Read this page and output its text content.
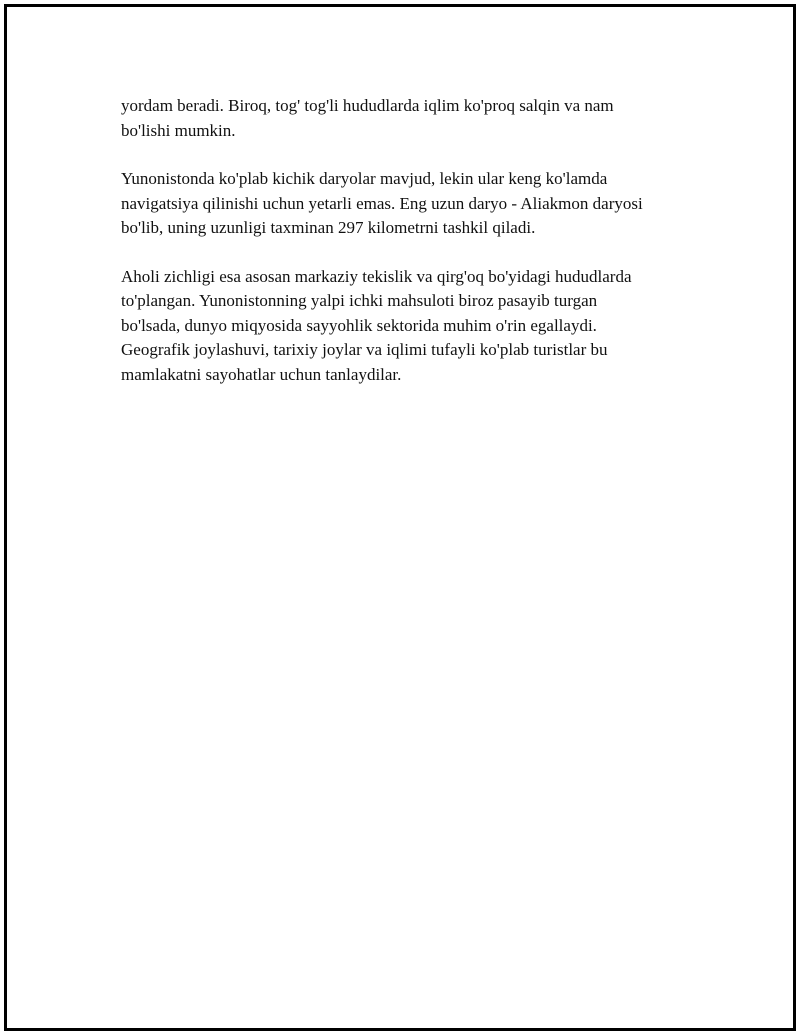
yordam beradi. Biroq, tog' tog'li hududlarda iqlim ko'proq salqin va nam
bo'lishi mumkin.

Yunonistonda ko'plab kichik daryolar mavjud, lekin ular keng ko'lamda
navigatsiya qilinishi uchun yetarli emas. Eng uzun daryo - Aliakmon daryosi
bo'lib, uning uzunligi taxminan 297 kilometrni tashkil qiladi.

Aholi zichligi esa asosan markaziy tekislik va qirg'oq bo'yidagi hududlarda
to'plangan. Yunonistonning yalpi ichki mahsuloti biroz pasayib turgan
bo'lsada, dunyo miqyosida sayyohlik sektorida muhim o'rin egallaydi.
Geografik joylashuvi, tarixiy joylar va iqlimi tufayli ko'plab turistlar bu
mamlakatni sayohatlar uchun tanlaydilar.
